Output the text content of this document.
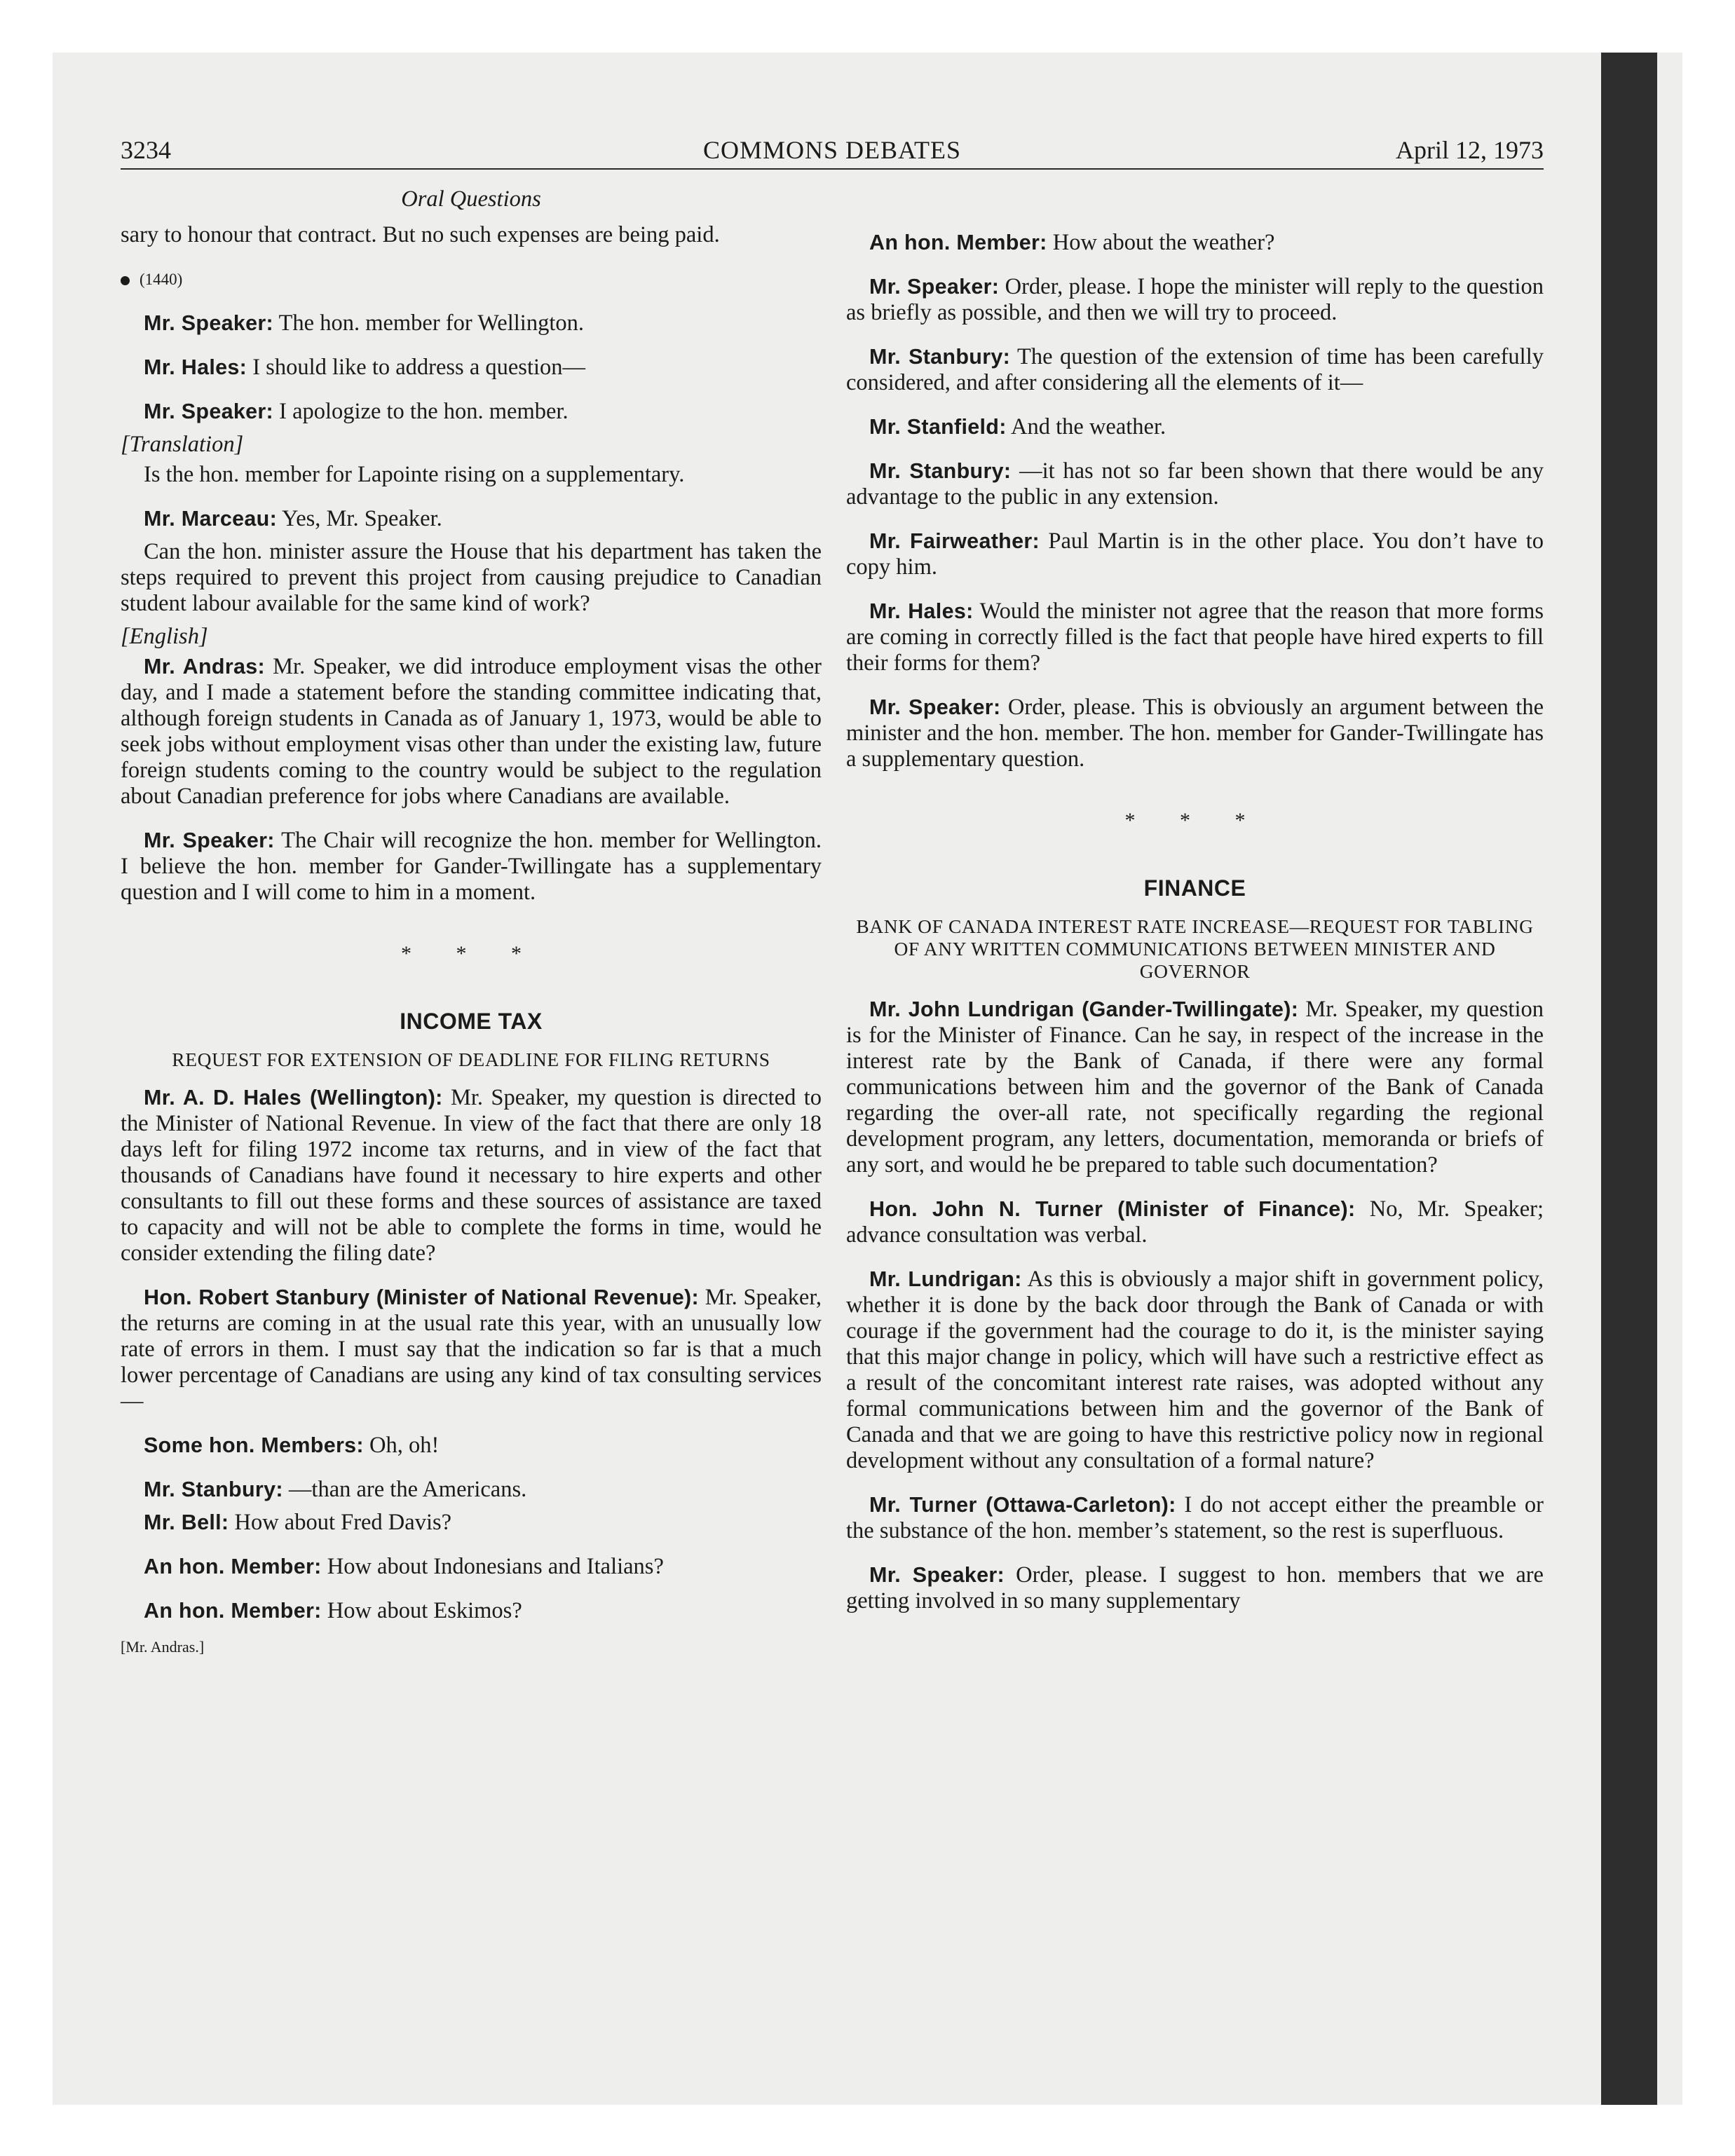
COMMONS DEBATES
3234	April 12, 1973
Oral Questions

sary to honour that contract. But no such expenses are being paid.

(1440)

Mr. Speaker: The hon. member for Wellington.

Mr. Hales: I should like to address a question—

Mr. Speaker: I apologize to the hon. member.

[Translation]

Is the hon. member for Lapointe rising on a supplementary.

Mr. Marceau: Yes, Mr. Speaker.

Can the hon. minister assure the House that his department has taken the steps required to prevent this project from causing prejudice to Canadian student labour available for the same kind of work?

[English]

Mr. Andras: Mr. Speaker, we did introduce employment visas the other day, and I made a statement before the standing committee indicating that, although foreign students in Canada as of January 1, 1973, would be able to seek jobs without employment visas other than under the existing law, future foreign students coming to the country would be subject to the regulation about Canadian preference for jobs where Canadians are available.

Mr. Speaker: The Chair will recognize the hon. member for Wellington. I believe the hon. member for Gander-Twillingate has a supplementary question and I will come to him in a moment.

* * *
INCOME TAX
REQUEST FOR EXTENSION OF DEADLINE FOR FILING RETURNS

Mr. A. D. Hales (Wellington): Mr. Speaker, my question is directed to the Minister of National Revenue. In view of the fact that there are only 18 days left for filing 1972 income tax returns, and in view of the fact that thousands of Canadians have found it necessary to hire experts and other consultants to fill out these forms and these sources of assistance are taxed to capacity and will not be able to complete the forms in time, would he consider extending the filing date?

Hon. Robert Stanbury (Minister of National Revenue): Mr. Speaker, the returns are coming in at the usual rate this year, with an unusually low rate of errors in them. I must say that the indication so far is that a much lower percentage of Canadians are using any kind of tax consulting services—

Some hon. Members: Oh, oh!

Mr. Stanbury: —than are the Americans.

Mr. Bell: How about Fred Davis?

An hon. Member: How about Indonesians and Italians?

An hon. Member: How about Eskimos?

[Mr. Andras.]

An hon. Member: How about the weather?

Mr. Speaker: Order, please. I hope the minister will reply to the question as briefly as possible, and then we will try to proceed.

Mr. Stanbury: The question of the extension of time has been carefully considered, and after considering all the elements of it—

Mr. Stanfield: And the weather.

Mr. Stanbury: —it has not so far been shown that there would be any advantage to the public in any extension.

Mr. Fairweather: Paul Martin is in the other place. You don’t have to copy him.

Mr. Hales: Would the minister not agree that the reason that more forms are coming in correctly filled is the fact that people have hired experts to fill their forms for them?

Mr. Speaker: Order, please. This is obviously an argument between the minister and the hon. member. The hon. member for Gander-Twillingate has a supplementary question.

* * *
FINANCE
BANK OF CANADA INTEREST RATE INCREASE—REQUEST FOR TABLING OF ANY WRITTEN COMMUNICATIONS BETWEEN MINISTER AND GOVERNOR

Mr. John Lundrigan (Gander-Twillingate): Mr. Speaker, my question is for the Minister of Finance. Can he say, in respect of the increase in the interest rate by the Bank of Canada, if there were any formal communications between him and the governor of the Bank of Canada regarding the over-all rate, not specifically regarding the regional development program, any letters, documentation, memoranda or briefs of any sort, and would he be prepared to table such documentation?

Hon. John N. Turner (Minister of Finance): No, Mr. Speaker; advance consultation was verbal.

Mr. Lundrigan: As this is obviously a major shift in government policy, whether it is done by the back door through the Bank of Canada or with courage if the government had the courage to do it, is the minister saying that this major change in policy, which will have such a restrictive effect as a result of the concomitant interest rate raises, was adopted without any formal communications between him and the governor of the Bank of Canada and that we are going to have this restrictive policy now in regional development without any consultation of a formal nature?

Mr. Turner (Ottawa-Carleton): I do not accept either the preamble or the substance of the hon. member’s statement, so the rest is superfluous.

Mr. Speaker: Order, please. I suggest to hon. members that we are getting involved in so many supplementary
